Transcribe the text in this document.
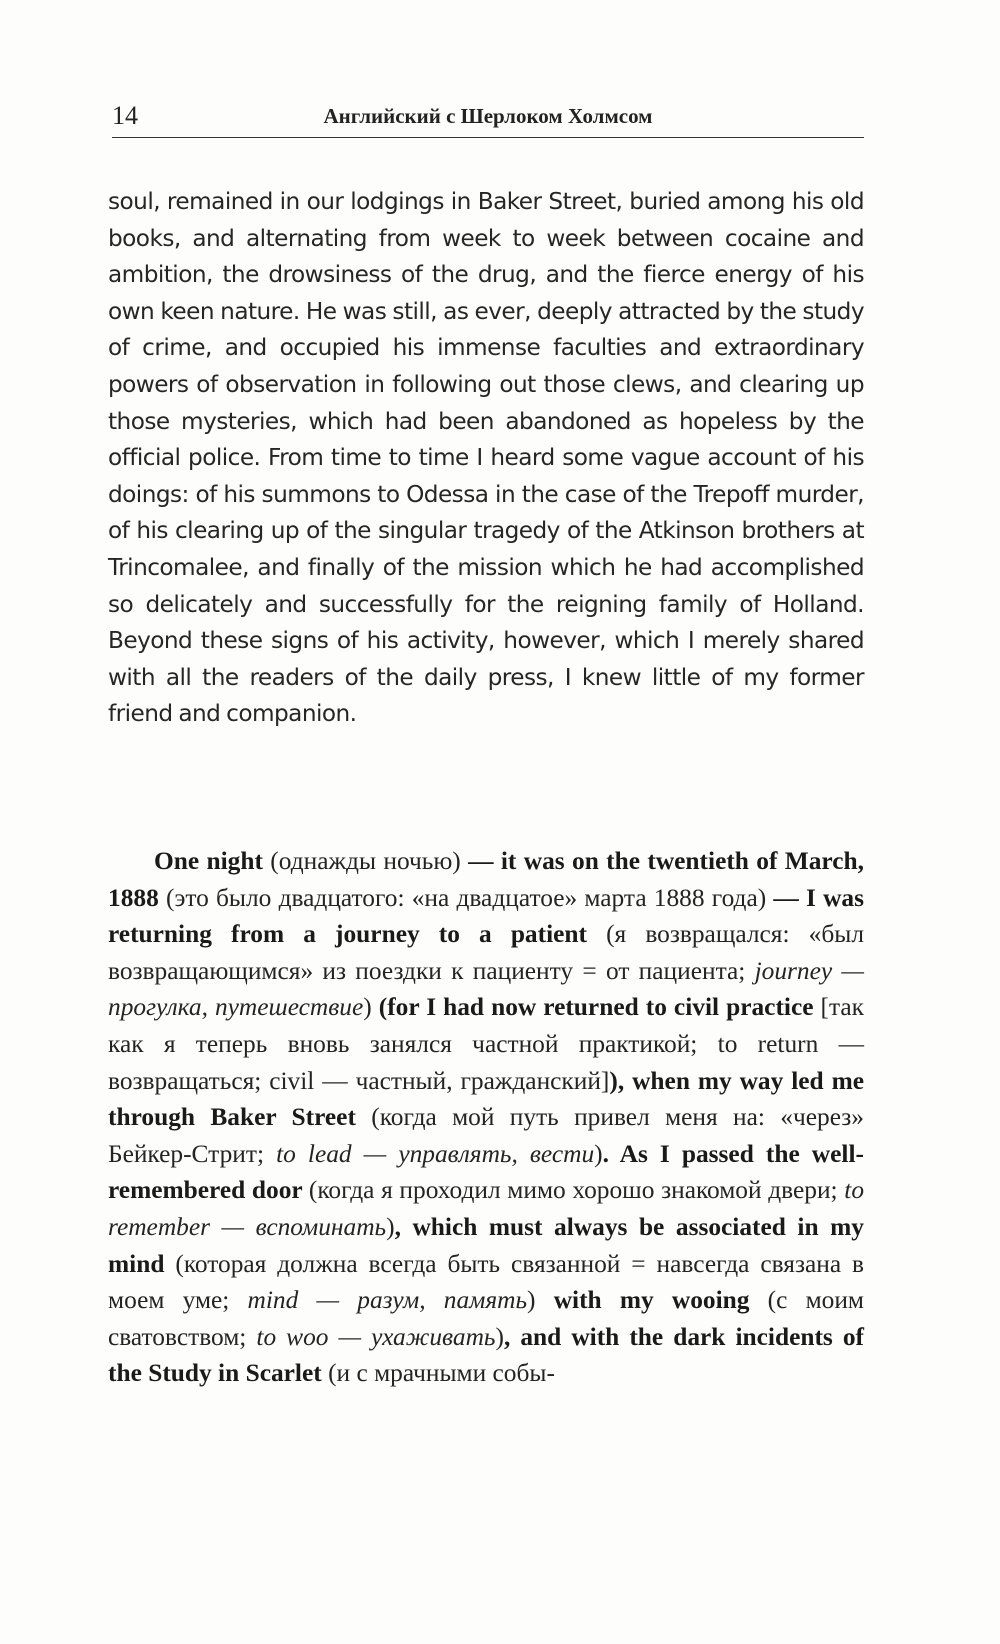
14	Английский с Шерлоком Холмсом

soul, remained in our lodgings in Baker Street, buried among his old books, and alternating from week to week between cocaine and ambition, the drowsiness of the drug, and the fierce energy of his own keen nature. He was still, as ever, deeply attracted by the study of crime, and occupied his immense faculties and extraordinary powers of observation in following out those clews, and clearing up those mysteries, which had been abandoned as hopeless by the official police. From time to time I heard some vague account of his doings: of his summons to Odessa in the case of the Trepoff murder, of his clearing up of the singular tragedy of the Atkinson brothers at Trincomalee, and finally of the mission which he had accomplished so delicately and successfully for the reigning family of Holland. Beyond these signs of his activity, however, which I merely shared with all the readers of the daily press, I knew little of my former friend and companion.

One night (однажды ночью) — it was on the twentieth of March, 1888 (это было двадцатого: «на двадцатое» марта 1888 года) — I was returning from a journey to a patient (я возвращался: «был возвращающимся» из поездки к пациенту = от пациента; journey — прогулка, путешествие) (for I had now returned to civil practice [так как я теперь вновь занялся частной практикой; to return — возвращаться; civil — частный, гражданский]), when my way led me through Baker Street (когда мой путь привел меня на: «через» Бейкер-Стрит; to lead — управлять, вести). As I passed the well-remembered door (когда я проходил мимо хорошо знакомой двери; to remember — вспоминать), which must always be associated in my mind (которая должна всегда быть связанной = навсегда связана в моем уме; mind — разум, память) with my wooing (с моим сватовством; to woo — ухаживать), and with the dark incidents of the Study in Scarlet (и с мрачными собы-
